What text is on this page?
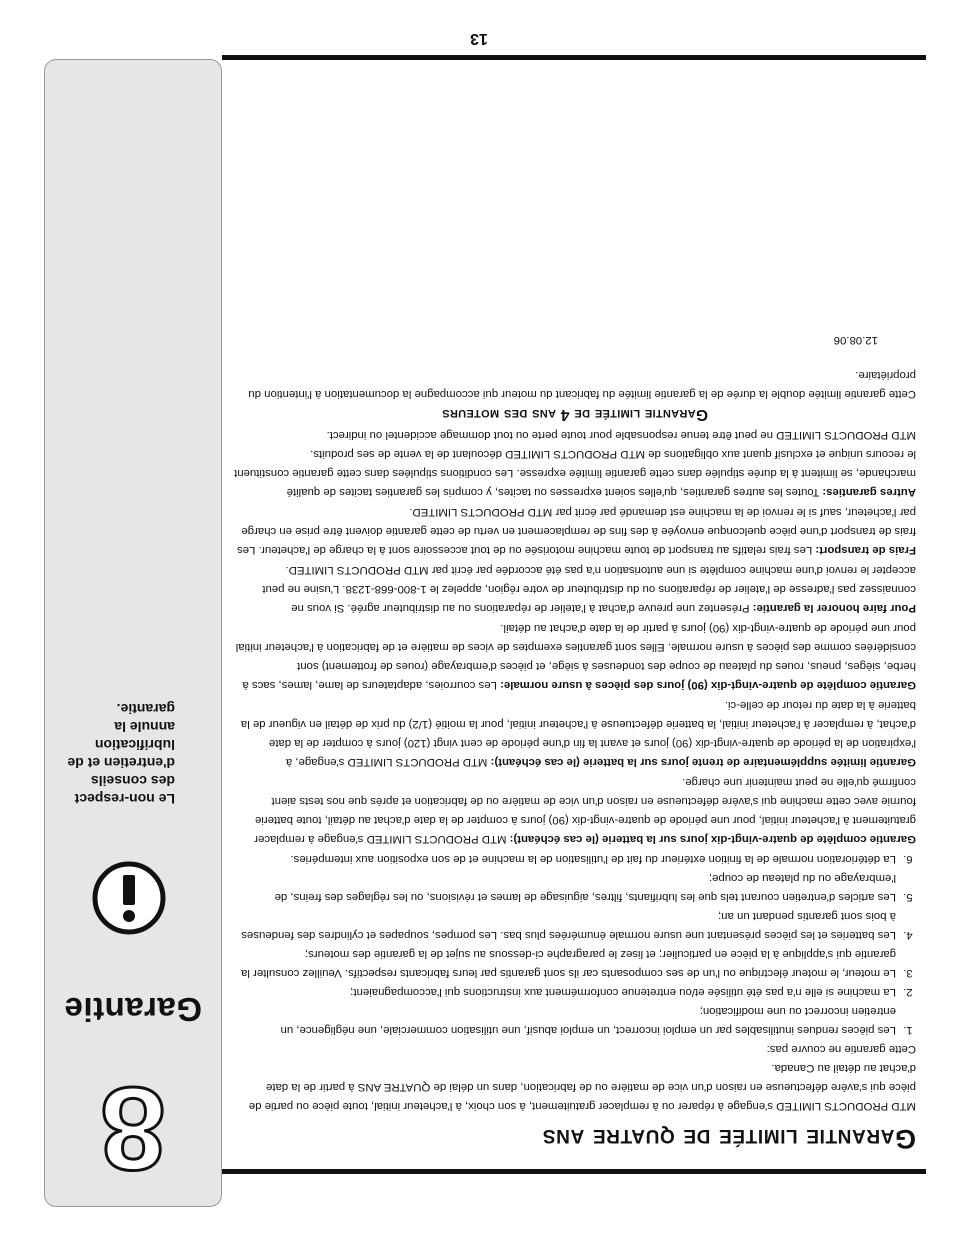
13
8
Garantie
Le non-respect des conseils d'entretien et de lubrification annule la garantie.
Garantie limitée de quatre ans

MTD PRODUCTS LIMITED s'engage à réparer ou à remplacer gratuitement, à son choix, à l'acheteur initial, toute pièce ou partie de pièce qui s'avère défectueuse en raison d'un vice de matière ou de fabrication, dans un délai de QUATRE ANS à partir de la date d'achat au détail au Canada.

Cette garantie ne couvre pas:

1. Les pièces rendues inutilisables par un emploi incorrect, un emploi abusif, une utilisation commerciale, une négligence, un entretien incorrect ou une modification;
2. La machine si elle n'a pas été utilisée et/ou entretenue conformément aux instructions qui l'accompagnaient;
3. Le moteur, le moteur électrique ou l'un de ses composants car ils sont garantis par leurs fabricants respectifs. Veuillez consulter la garantie qui s'applique à la pièce en particulier; et lisez le paragraphe ci-dessous au sujet de la garantie des moteurs;
4. Les batteries et les pièces présentant une usure normale énumérées plus bas. Les pompes, soupapes et cylindres des fendeuses à bois sont garantis pendant un an;
5. Les articles d'entretien courant tels que les lubrifiants, filtres, aiguisage de lames et révisions, ou les réglages des freins, de l'embrayage ou du plateau de coupe;
6. La détérioration normale de la finition extérieur du fait de l'utilisation de la machine et de son exposition aux intempéries.

Garantie complète de quatre-vingt-dix jours sur la batterie (le cas échéant): MTD PRODUCTS LIMITED s'engage à remplacer gratuitement à l'acheteur initial, pour une période de quatre-vingt-dix (90) jours à compter de la date d'achat au détail, toute batterie fournie avec cette machine qui s'avère défectueuse en raison d'un vice de matière ou de fabrication et après que nos tests aient confirmé qu'elle ne peut maintenir une charge.

Garantie limitée supplémentaire de trente jours sur la batterie (le cas échéant): MTD PRODUCTS LIMITED s'engage, à l'expiration de la période de quatre-vingt-dix (90) jours et avant la fin d'une période de cent vingt (120) jours à compter de la date d'achat, à remplacer à l'acheteur initial, la batterie défectueuse à l'acheteur initial, pour la moitié (1/2) du prix de détail en vigueur de la batterie à la date du retour de celle-ci.

Garantie complète de quatre-vingt-dix (90) jours des pièces à usure normale: Les courroies, adaptateurs de lame, lames, sacs à herbe, sièges, pneus, roues du plateau de coupe des tondeuses à siège, et pièces d'embrayage (roues de frottement) sont considérées comme des pièces à usure normale. Elles sont garanties exemptes de vices de matière et de fabrication à l'acheteur initial pour une période de quatre-vingt-dix (90) jours à partir de la date d'achat au détail.

Pour faire honorer la garantie: Présentez une preuve d'achat à l'atelier de réparations ou au distributeur agréé. Si vous ne connaissez pas l'adresse de l'atelier de réparations ou du distributeur de votre région, appelez le 1-800-668-1238. L'usine ne peut accepter le renvoi d'une machine complète si une autorisation n'a pas été accordée par écrit par MTD PRODUCTS LIMITED.

Frais de transport: Les frais relatifs au transport de toute machine motorisée ou de tout accessoire sont à la charge de l'acheteur. Les frais de transport d'une pièce quelconque envoyée à des fins de remplacement en vertu de cette garantie doivent être prise en charge par l'acheteur, sauf si le renvoi de la machine est demandé par écrit par MTD PRODUCTS LIMITED.

Autres garanties: Toutes les autres garanties, qu'elles soient expresses ou tacites, y compris les garanties tacites de qualité marchande, se limitent à la durée stipulée dans cette garantie limitée expresse. Les conditions stipulées dans cette garantie constituent le recours unique et exclusif quant aux obligations de MTD PRODUCTS LIMITED découlant de la vente de ses produits.

MTD PRODUCTS LIMITED ne peut être tenue responsable pour toute perte ou tout dommage accidentel ou indirect.

Garantie limitée de 4 ans des moteurs

Cette garantie limitée double la durée de la garantie limitée du fabricant du moteur qui accompagne la documentation à l'intention du propriétaire.

12.08.06
